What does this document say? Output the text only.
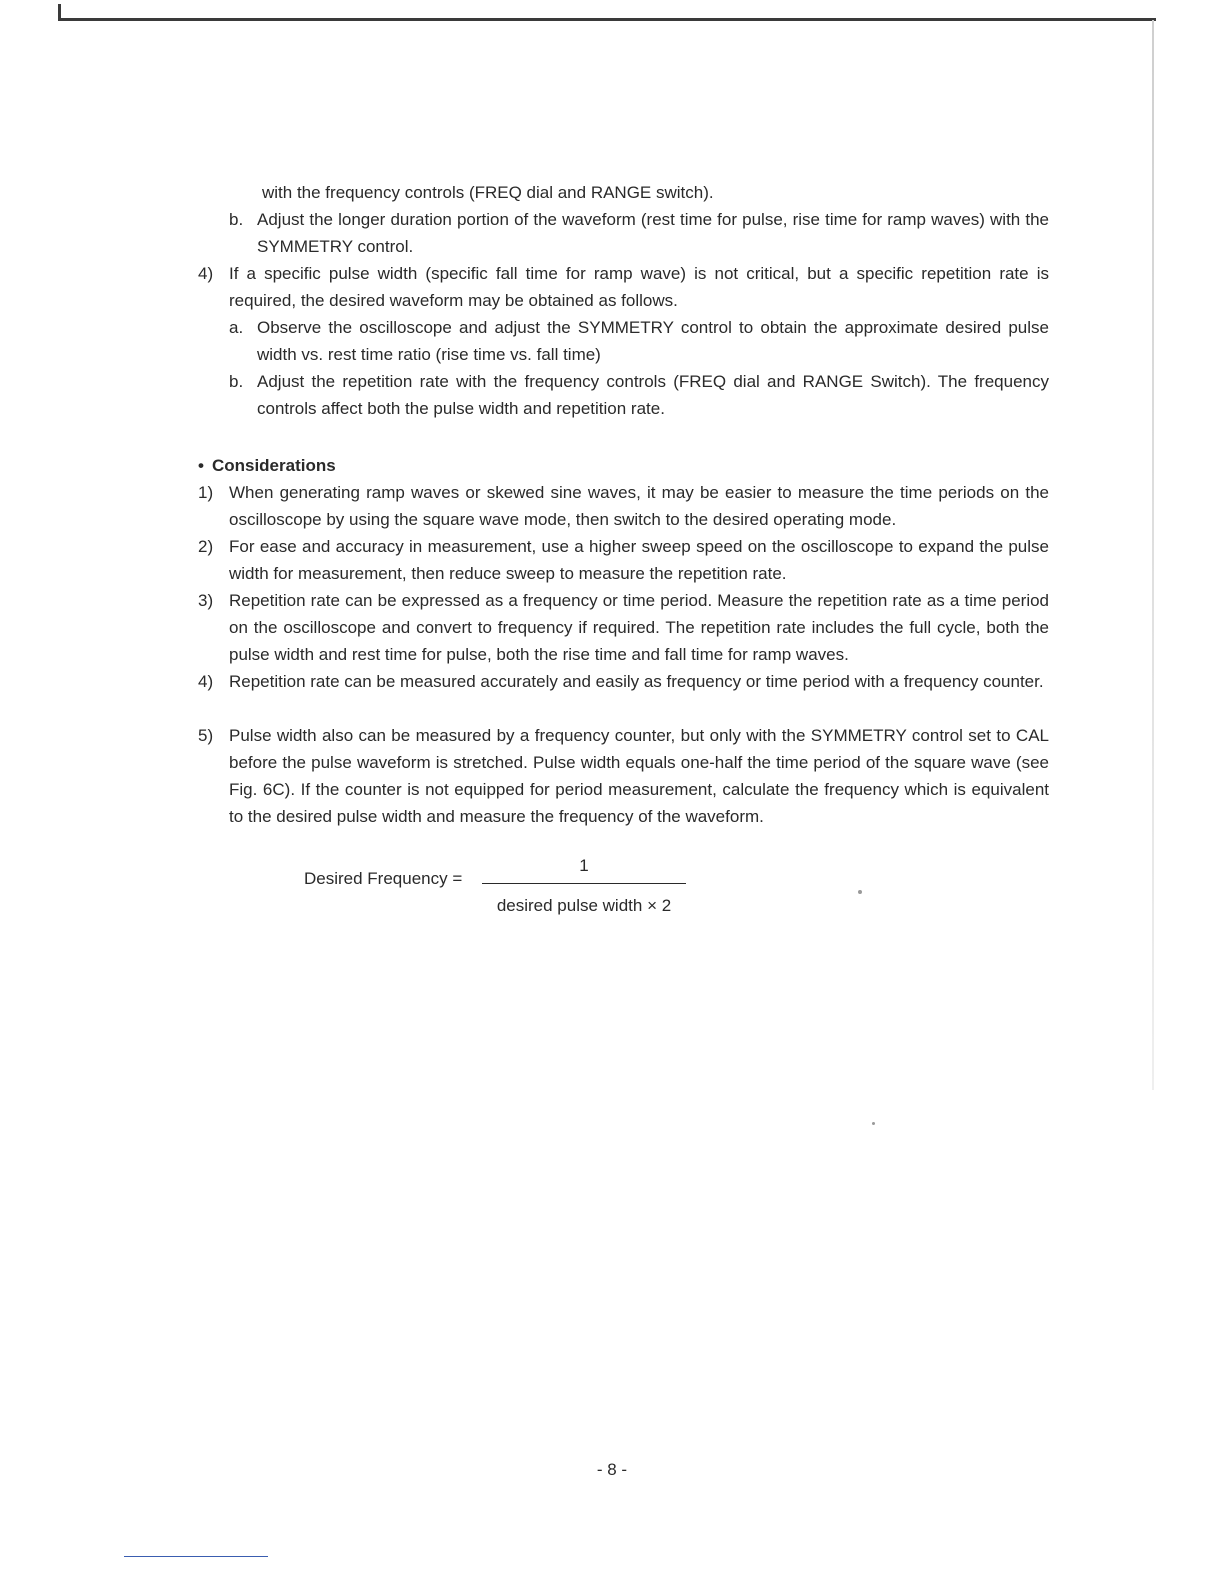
with the frequency controls (FREQ dial and RANGE switch).
b. Adjust the longer duration portion of the waveform (rest time for pulse, rise time for ramp waves) with the SYMMETRY control.
4) If a specific pulse width (specific fall time for ramp wave) is not critical, but a specific repetition rate is required, the desired waveform may be obtained as follows.
a. Observe the oscilloscope and adjust the SYMMETRY control to obtain the approximate desired pulse width vs. rest time ratio (rise time vs. fall time)
b. Adjust the repetition rate with the frequency controls (FREQ dial and RANGE Switch). The frequency controls affect both the pulse width and repetition rate.
• Considerations
1) When generating ramp waves or skewed sine waves, it may be easier to measure the time periods on the oscilloscope by using the square wave mode, then switch to the desired operating mode.
2) For ease and accuracy in measurement, use a higher sweep speed on the oscilloscope to expand the pulse width for measurement, then reduce sweep to measure the repetition rate.
3) Repetition rate can be expressed as a frequency or time period. Measure the repetition rate as a time period on the oscilloscope and convert to frequency if required. The repetition rate includes the full cycle, both the pulse width and rest time for pulse, both the rise time and fall time for ramp waves.
4) Repetition rate can be measured accurately and easily as frequency or time period with a frequency counter.
5) Pulse width also can be measured by a frequency counter, but only with the SYMMETRY control set to CAL before the pulse waveform is stretched. Pulse width equals one-half the time period of the square wave (see Fig. 6C). If the counter is not equipped for period measurement, calculate the frequency which is equivalent to the desired pulse width and measure the frequency of the waveform.
Desired Frequency =
1
desired pulse width × 2
- 8 -
